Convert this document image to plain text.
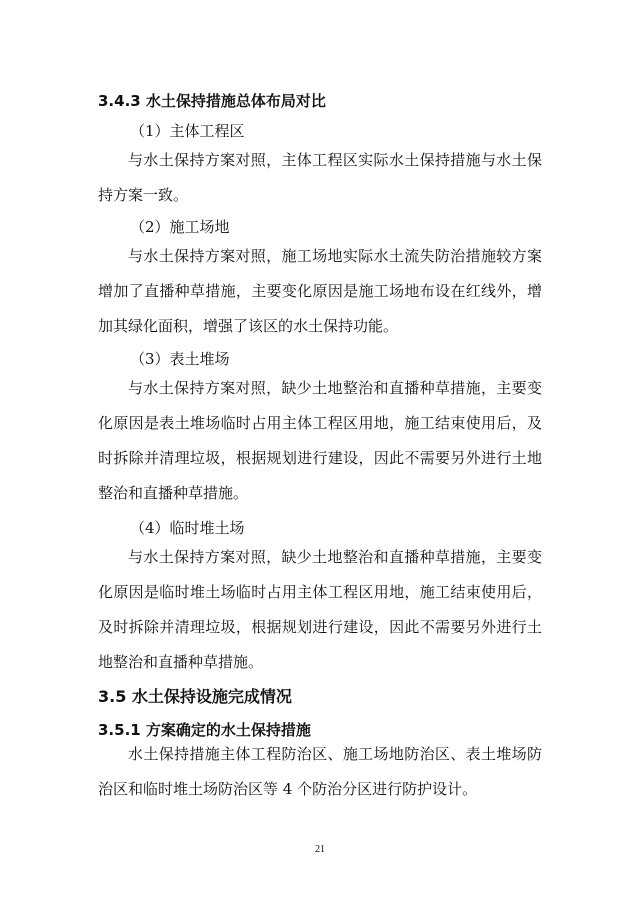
3.4.3 水土保持措施总体布局对比
（1）主体工程区
与水土保持方案对照，主体工程区实际水土保持措施与水土保持方案一致。
（2）施工场地
与水土保持方案对照，施工场地实际水土流失防治措施较方案增加了直播种草措施，主要变化原因是施工场地布设在红线外，增加其绿化面积，增强了该区的水土保持功能。
（3）表土堆场
与水土保持方案对照，缺少土地整治和直播种草措施，主要变化原因是表土堆场临时占用主体工程区用地，施工结束使用后，及时拆除并清理垃圾，根据规划进行建设，因此不需要另外进行土地整治和直播种草措施。
（4）临时堆土场
与水土保持方案对照，缺少土地整治和直播种草措施，主要变化原因是临时堆土场临时占用主体工程区用地，施工结束使用后，及时拆除并清理垃圾，根据规划进行建设，因此不需要另外进行土地整治和直播种草措施。
3.5 水土保持设施完成情况
3.5.1 方案确定的水土保持措施
水土保持措施主体工程防治区、施工场地防治区、表土堆场防治区和临时堆土场防治区等 4 个防治分区进行防护设计。
21
